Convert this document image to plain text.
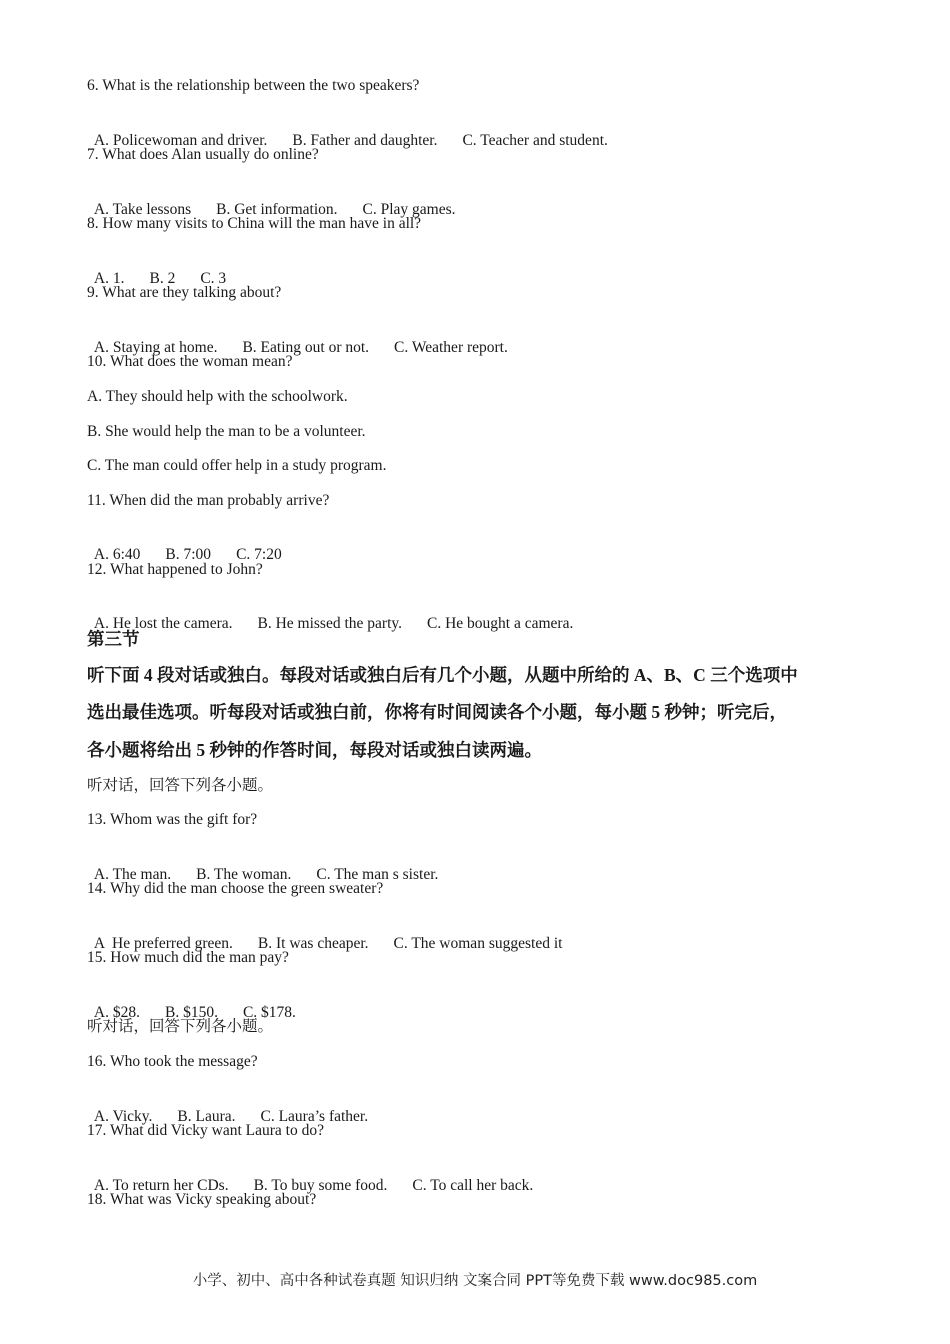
6. What is the relationship between the two speakers?

A. Policewoman and driver. B. Father and daughter. C. Teacher and student.

7. What does Alan usually do online?

A. Take lessons B. Get information. C. Play games.

8. How many visits to China will the man have in all?

A. 1. B. 2 C. 3

9. What are they talking about?

A. Staying at home. B. Eating out or not. C. Weather report.

10. What does the woman mean?
A. They should help with the schoolwork.
B. She would help the man to be a volunteer.
C. The man could offer help in a study program.
11. When did the man probably arrive?

A. 6:40 B. 7:00 C. 7:20

12. What happened to John?

A. He lost the camera. B. He missed the party. C. He bought a camera.

第三节
听下面 4 段对话或独白。每段对话或独白后有几个小题，从题中所给的 A、B、C 三个选项中
选出最佳选项。听每段对话或独白前，你将有时间阅读各个小题，每小题 5 秒钟；听完后，
各小题将给出 5 秒钟的作答时间，每段对话或独白读两遍。
听对话，回答下列各小题。
13. Whom was the gift for?

A. The man. B. The woman. C. The man s sister.

14. Why did the man choose the green sweater?

A  He preferred green. B. It was cheaper. C. The woman suggested it

15. How much did the man pay?

A. $28. B. $150. C. $178.

听对话，回答下列各小题。
16. Who took the message?

A. Vicky. B. Laura. C. Laura’s father.

17. What did Vicky want Laura to do?

A. To return her CDs. B. To buy some food. C. To call her back.

18. What was Vicky speaking about?
小学、初中、高中各种试卷真题 知识归纳 文案合同 PPT等免费下载 www.doc985.com
